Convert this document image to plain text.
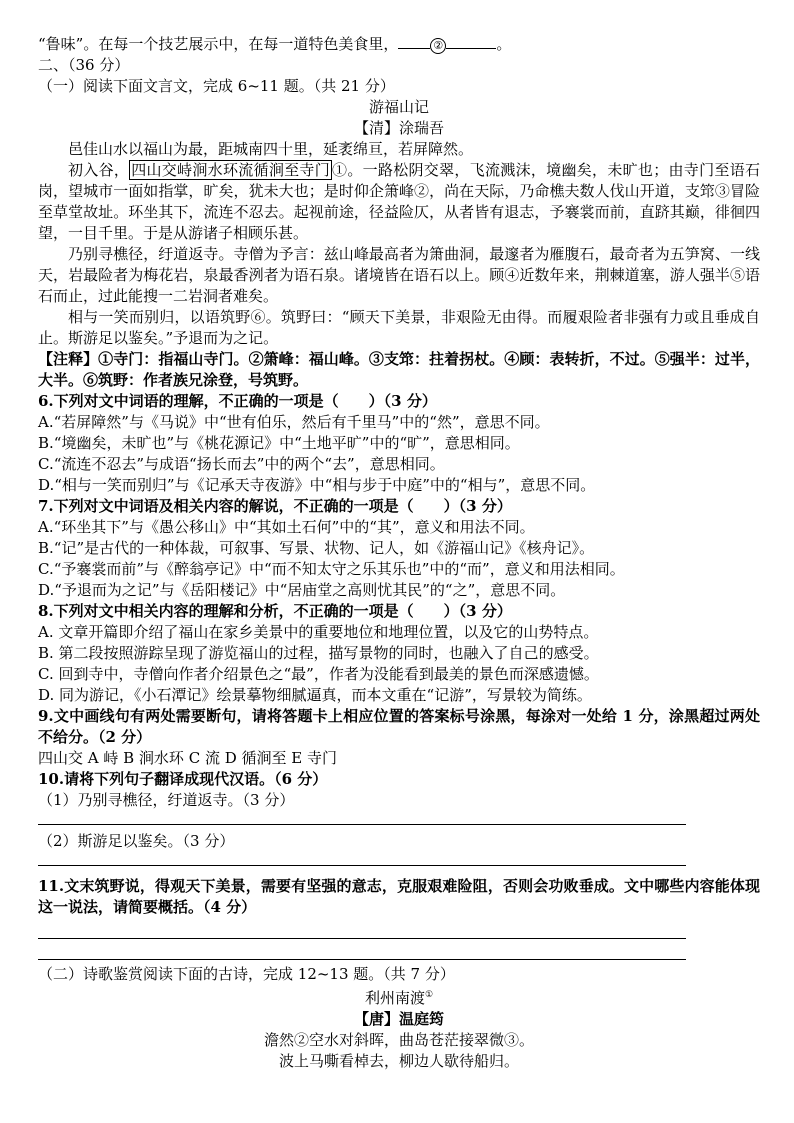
“鲁味”。在每一个技艺展示中，在每一道特色美食里，	②	。
二、（36 分）
（一）阅读下面文言文，完成 6~11 题。（共 21 分）
游福山记
【清】涂瑞吾
邑佳山水以福山为最，距城南四十里，延袤绵亘，若屏障然。
初入谷， 四山交峙涧水环流循涧至寺门 ①。一路松阴交翠，飞流溅沫，境幽矣，未旷也；由寺门至语石岗，望城市一面如指掌，旷矣，犹未大也；是时仰企箫峰②，尚在天际，乃命樵夫数人伐山开道，支筇③冒险至草堂故址。环坐其下，流连不忍去。起视前途，径益险仄，从者皆有退志，予褰裳而前，直跻其巅，徘徊四望，一目千里。于是从游诸子相顾乐甚。
乃别寻樵径，纡道返寺。寺僧为予言：兹山峰最高者为箫曲洞，最邃者为雁腹石，最奇者为五笋窝、一线天，岩最险者为梅花岩，泉最香洌者为语石泉。诸境皆在语石以上。顾④近数年来，荆棘道塞，游人强半⑤语石而止，过此能搜一二岩洞者难矣。
相与一笑而别归，以语筑野⑥。筑野曰：“顾天下美景，非艰险无由得。而履艰险者非强有力或且垂成自止。斯游足以鉴矣。”予退而为之记。
【注释】①寺门：指福山寺门。②箫峰：福山峰。③支筇：拄着拐杖。④顾：表转折，不过。⑤强半：过半，大半。⑥筑野：作者族兄涂登，号筑野。
6.下列对文中词语的理解，不正确的一项是（　　）（3 分）
A.“若屏障然”与《马说》中“世有伯乐，然后有千里马”中的“然”，意思不同。
B.“境幽矣，未旷也”与《桃花源记》中“土地平旷”中的“旷”，意思相同。
C.“流连不忍去”与成语“扬长而去”中的两个“去”，意思相同。
D.“相与一笑而别归”与《记承天寺夜游》中“相与步于中庭”中的“相与”，意思不同。
7.下列对文中词语及相关内容的解说，不正确的一项是（　　）（3 分）
A.“环坐其下”与《愚公移山》中“其如土石何”中的“其”，意义和用法不同。
B.“记”是古代的一种体裁，可叙事、写景、状物、记人，如《游福山记》《核舟记》。
C.“予褰裳而前”与《醉翁亭记》中“而不知太守之乐其乐也”中的“而”，意义和用法相同。
D.“予退而为之记”与《岳阳楼记》中“居庙堂之高则忧其民”的“之”，意思不同。
8.下列对文中相关内容的理解和分析，不正确的一项是（　　）（3 分）
A. 文章开篇即介绍了福山在家乡美景中的重要地位和地理位置，以及它的山势特点。
B. 第二段按照游踪呈现了游览福山的过程，描写景物的同时，也融入了自己的感受。
C. 回到寺中，寺僧向作者介绍景色之“最”，作者为没能看到最美的景色而深感遗憾。
D. 同为游记，《小石潭记》绘景摹物细腻逼真，而本文重在“记游”，写景较为简练。
9.文中画线句有两处需要断句，请将答题卡上相应位置的答案标号涂黑，每涂对一处给 1 分，涂黑超过两处不给分。（2 分）
四山交 A 峙 B 涧水环 C 流 D 循涧至 E 寺门
10.请将下列句子翻译成现代汉语。（6 分）
（1）乃别寻樵径，纡道返寺。（3 分）
（2）斯游足以鉴矣。（3 分）
11.文末筑野说，得观天下美景，需要有坚强的意志，克服艰难险阻，否则会功败垂成。文中哪些内容能体现这一说法，请简要概括。（4 分）
（二）诗歌鉴赏阅读下面的古诗，完成 12~13 题。（共 7 分）
利州南渡①
【唐】温庭筠
澹然②空水对斜晖，曲岛苍茫接翠微③。
波上马嘶看棹去，柳边人歇待船归。
